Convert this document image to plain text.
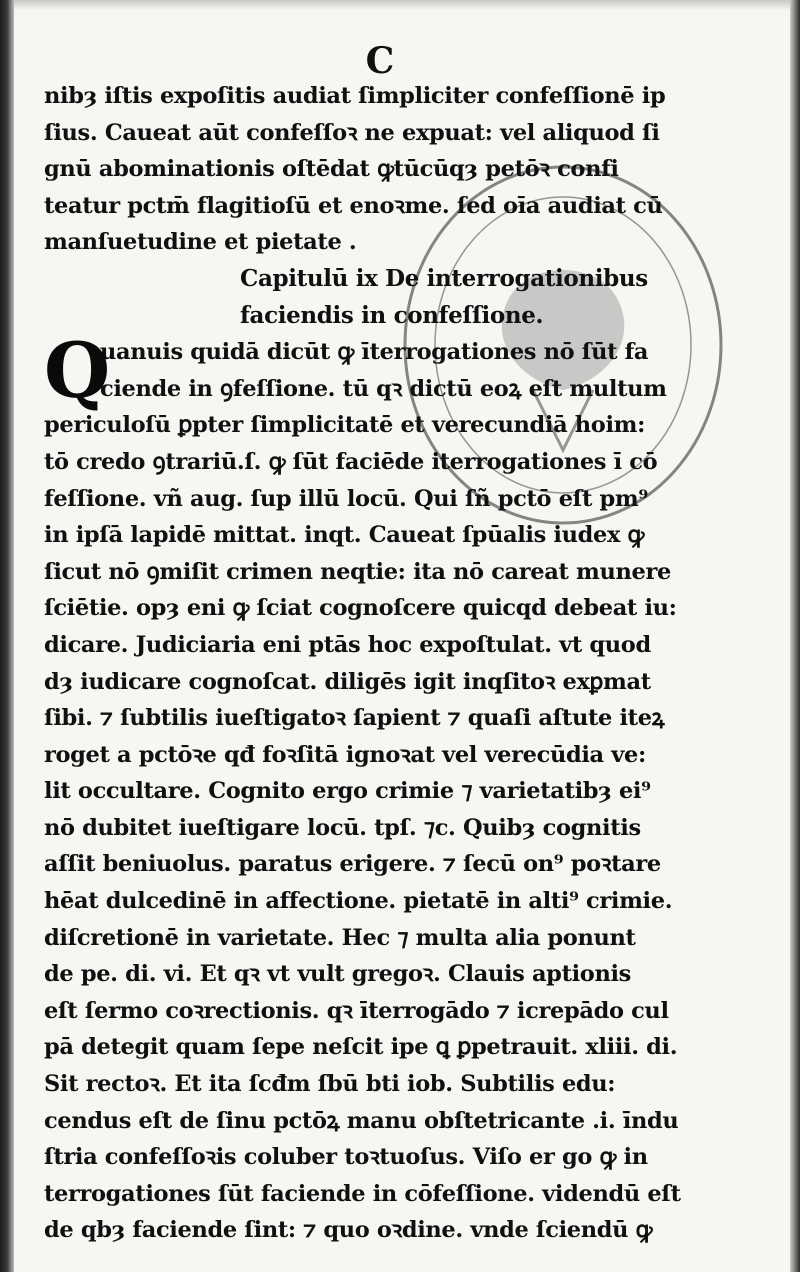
C
nibȝ iſtis expoſitis audiat ſimpliciter confeſſionē ip
ſius. Caueat aūt confeſſoꝛ ne expuat: vel aliquod ſi
gnū abominationis oſtēdat ꝙtūcūqȝ petōꝛ confi
teatur pctm̄ flagitioſū et enoꝛme. ſed oīa audiat cū
manſuetudine et pietate .
Capitulū ix De interrogationibus
faciendis in confeſſione.
uanuis quidā dicūt ꝙ īterrogationes nō ſūt fa
ciende in ꝯfeſſione. tū qꝛ dictū eoꝝ eſt multum
periculoſū ꝑpter ſimplicitatē et verecundiā hoim:
tō credo ꝯtrariū.ſ. ꝙ ſūt faciēde iterrogationes ī cō
feſſione. vñ aug. ſup illū locū. Qui ſñ pctō eſt pm⁹
in ipſā lapidē mittat. inqt. Caueat ſpūalis iudex ꝙ
ſicut nō ꝯmiſit crimen neqtie: ita nō careat munere
ſciētie. opȝ eni ꝙ ſciat cognoſcere quicqd debeat iu:
dicare. Judiciaria eni ptās hoc expoſtulat. vt quod
dȝ iudicare cognoſcat. diligēs igit inqſitoꝛ exꝑmat
ſibi. ⁊ ſubtilis iueſtigatoꝛ ſapient ⁊ quaſi aſtute iteꝝ
roget a pctōꝛe qđ foꝛſitā ignoꝛat vel verecūdia ve:
lit occultare. Cognito ergo crimie ⁊ varietatibȝ ei⁹
nō dubitet iueſtigare locū. tpſ. ⁊c. Quibȝ cognitis
aſſit beniuolus. paratus erigere. ⁊ ſecū on⁹ poꝛtare
hēat dulcedinē in affectione. pietatē in alti⁹ crimie.
diſcretionē in varietate. Hec ⁊ multa alia ponunt
de pe. di. vi. Et qꝛ vt vult gregoꝛ. Clauis aptionis
eſt ſermo coꝛrectionis. qꝛ īterrogādo ⁊ icrepādo cul
pā detegit quam ſepe neſcit ipe ꝗ ꝑpetrauit. xliii. di.
Sit rectoꝛ. Et ita ſcđm ſbū bti iob. Subtilis edu:
cendus eſt de ſinu pctōꝝ manu obſtetricante .i. īndu
ſtria confeſſoꝛis coluber toꝛtuoſus. Viſo er go ꝙ in
terrogationes ſūt faciende in cōfeſſione. videndū eſt
de qbȝ faciende ſint: ⁊ quo oꝛdine. vnde ſciendū ꝙ
Q
